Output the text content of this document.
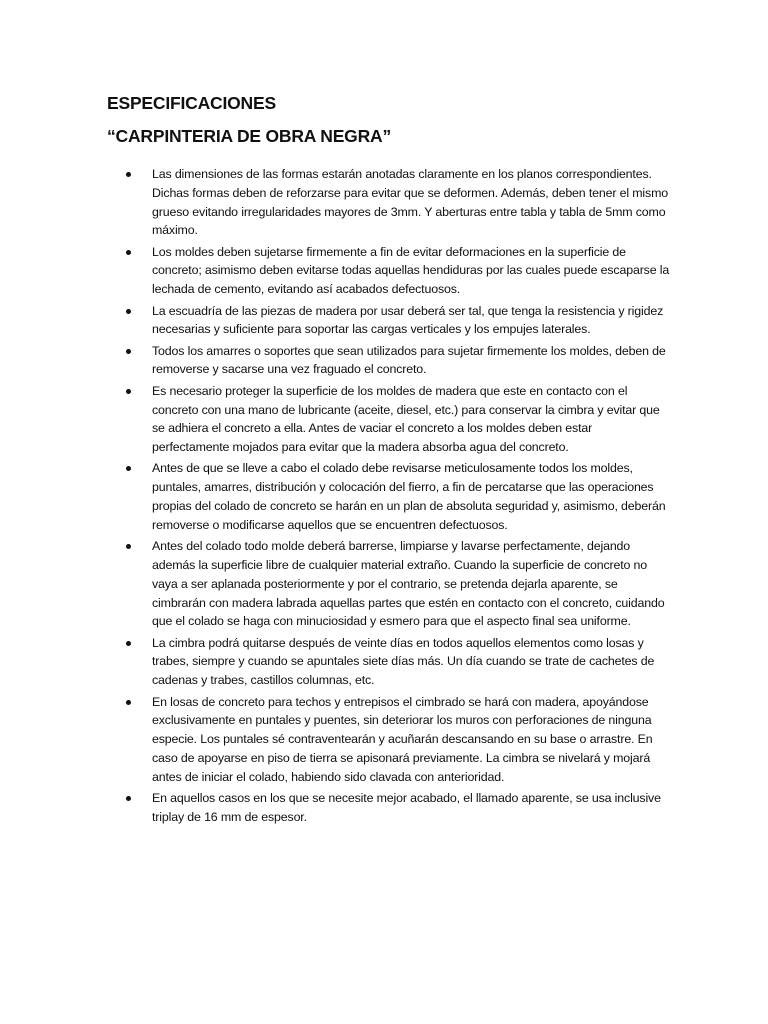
ESPECIFICACIONES
“CARPINTERIA DE OBRA NEGRA”
Las dimensiones de las formas estarán anotadas claramente en los planos correspondientes. Dichas formas deben de reforzarse para evitar que se deformen. Además, deben tener el mismo grueso evitando irregularidades mayores de 3mm. Y aberturas entre tabla y tabla de 5mm como máximo.
Los moldes deben sujetarse firmemente a fin de evitar deformaciones en la superficie de concreto; asimismo deben evitarse todas aquellas hendiduras por las cuales puede escaparse la lechada de cemento, evitando así acabados defectuosos.
La escuadría de las piezas de madera por usar deberá ser tal, que tenga la resistencia y rigidez necesarias y suficiente para soportar las cargas verticales y los empujes laterales.
Todos los amarres o soportes que sean utilizados para sujetar firmemente los moldes, deben de removerse y sacarse una vez fraguado el concreto.
Es necesario proteger la superficie de los moldes de madera que este en contacto con el concreto con una mano de lubricante (aceite, diesel, etc.) para conservar la cimbra y evitar que se adhiera el concreto a ella. Antes de vaciar el concreto a los moldes deben estar perfectamente mojados para evitar que la madera absorba agua del concreto.
Antes de que se lleve a cabo el colado debe revisarse meticulosamente todos los moldes, puntales, amarres, distribución y colocación del fierro, a fin de percatarse que las operaciones propias del colado de concreto se harán en un plan de absoluta seguridad y, asimismo, deberán removerse o modificarse aquellos que se encuentren defectuosos.
Antes del colado todo molde deberá barrerse, limpiarse y lavarse perfectamente, dejando además la superficie libre de cualquier material extraño. Cuando la superficie de concreto no vaya a ser aplanada posteriormente y por el contrario, se pretenda dejarla aparente, se cimbrarán con madera labrada aquellas partes que estén en contacto con el concreto, cuidando que el colado se haga con minuciosidad y esmero para que el aspecto final sea uniforme.
La cimbra podrá quitarse después de veinte días en todos aquellos elementos como losas y trabes, siempre y cuando se apuntales siete días más. Un día cuando se trate de cachetes de cadenas y trabes, castillos columnas, etc.
En losas de concreto para techos y entrepisos el cimbrado se hará con madera, apoyándose exclusivamente en puntales y puentes, sin deteriorar los muros con perforaciones de ninguna especie. Los puntales sé contraventearán y acuñarán descansando en su base o arrastre. En caso de apoyarse en piso de tierra se apisonará previamente. La cimbra se nivelará y mojará antes de iniciar el colado, habiendo sido clavada con anterioridad.
En aquellos casos en los que se necesite mejor acabado, el llamado aparente, se usa inclusive triplay de 16 mm de espesor.
